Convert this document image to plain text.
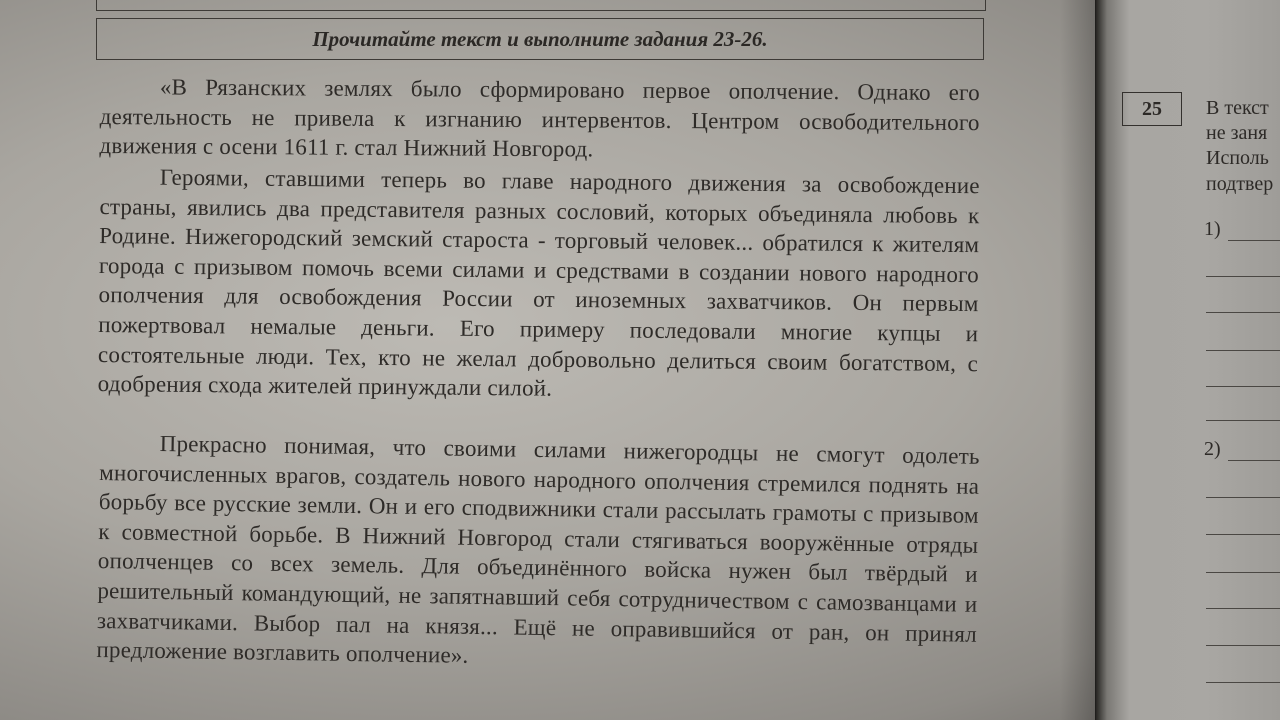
Прочитайте текст и выполните задания 23-26.

«В Рязанских землях было сформировано первое ополчение. Однако его деятельность не привела к изгнанию интервентов. Центром освободительного движения с осени 1611 г. стал Нижний Новгород.

Героями, ставшими теперь во главе народного движения за освобождение страны, явились два представителя разных сословий, которых объединяла любовь к Родине. Нижегородский земский староста - торговый человек... обратился к жителям города с призывом помочь всеми силами и средствами в создании нового народного ополчения для освобождения России от иноземных захватчиков. Он первым пожертвовал немалые деньги. Его примеру последовали многие купцы и состоятельные люди. Тех, кто не желал добровольно делиться своим богатством, с одобрения схода жителей принуждали силой.

Прекрасно понимая, что своими силами нижегородцы не смогут одолеть многочисленных врагов, создатель нового народного ополчения стремился поднять на борьбу все русские земли. Он и его сподвижники стали рассылать грамоты с призывом к совместной борьбе. В Нижний Новгород стали стягиваться вооружённые отряды ополченцев со всех земель. Для объединённого войска нужен был твёрдый и решительный командующий, не запятнавший себя сотрудничеством с самозванцами и захватчиками. Выбор пал на князя... Ещё не оправившийся от ран, он принял предложение возглавить ополчение».

25	В текст
не заня
Исполь
подтвер
1)
2)
